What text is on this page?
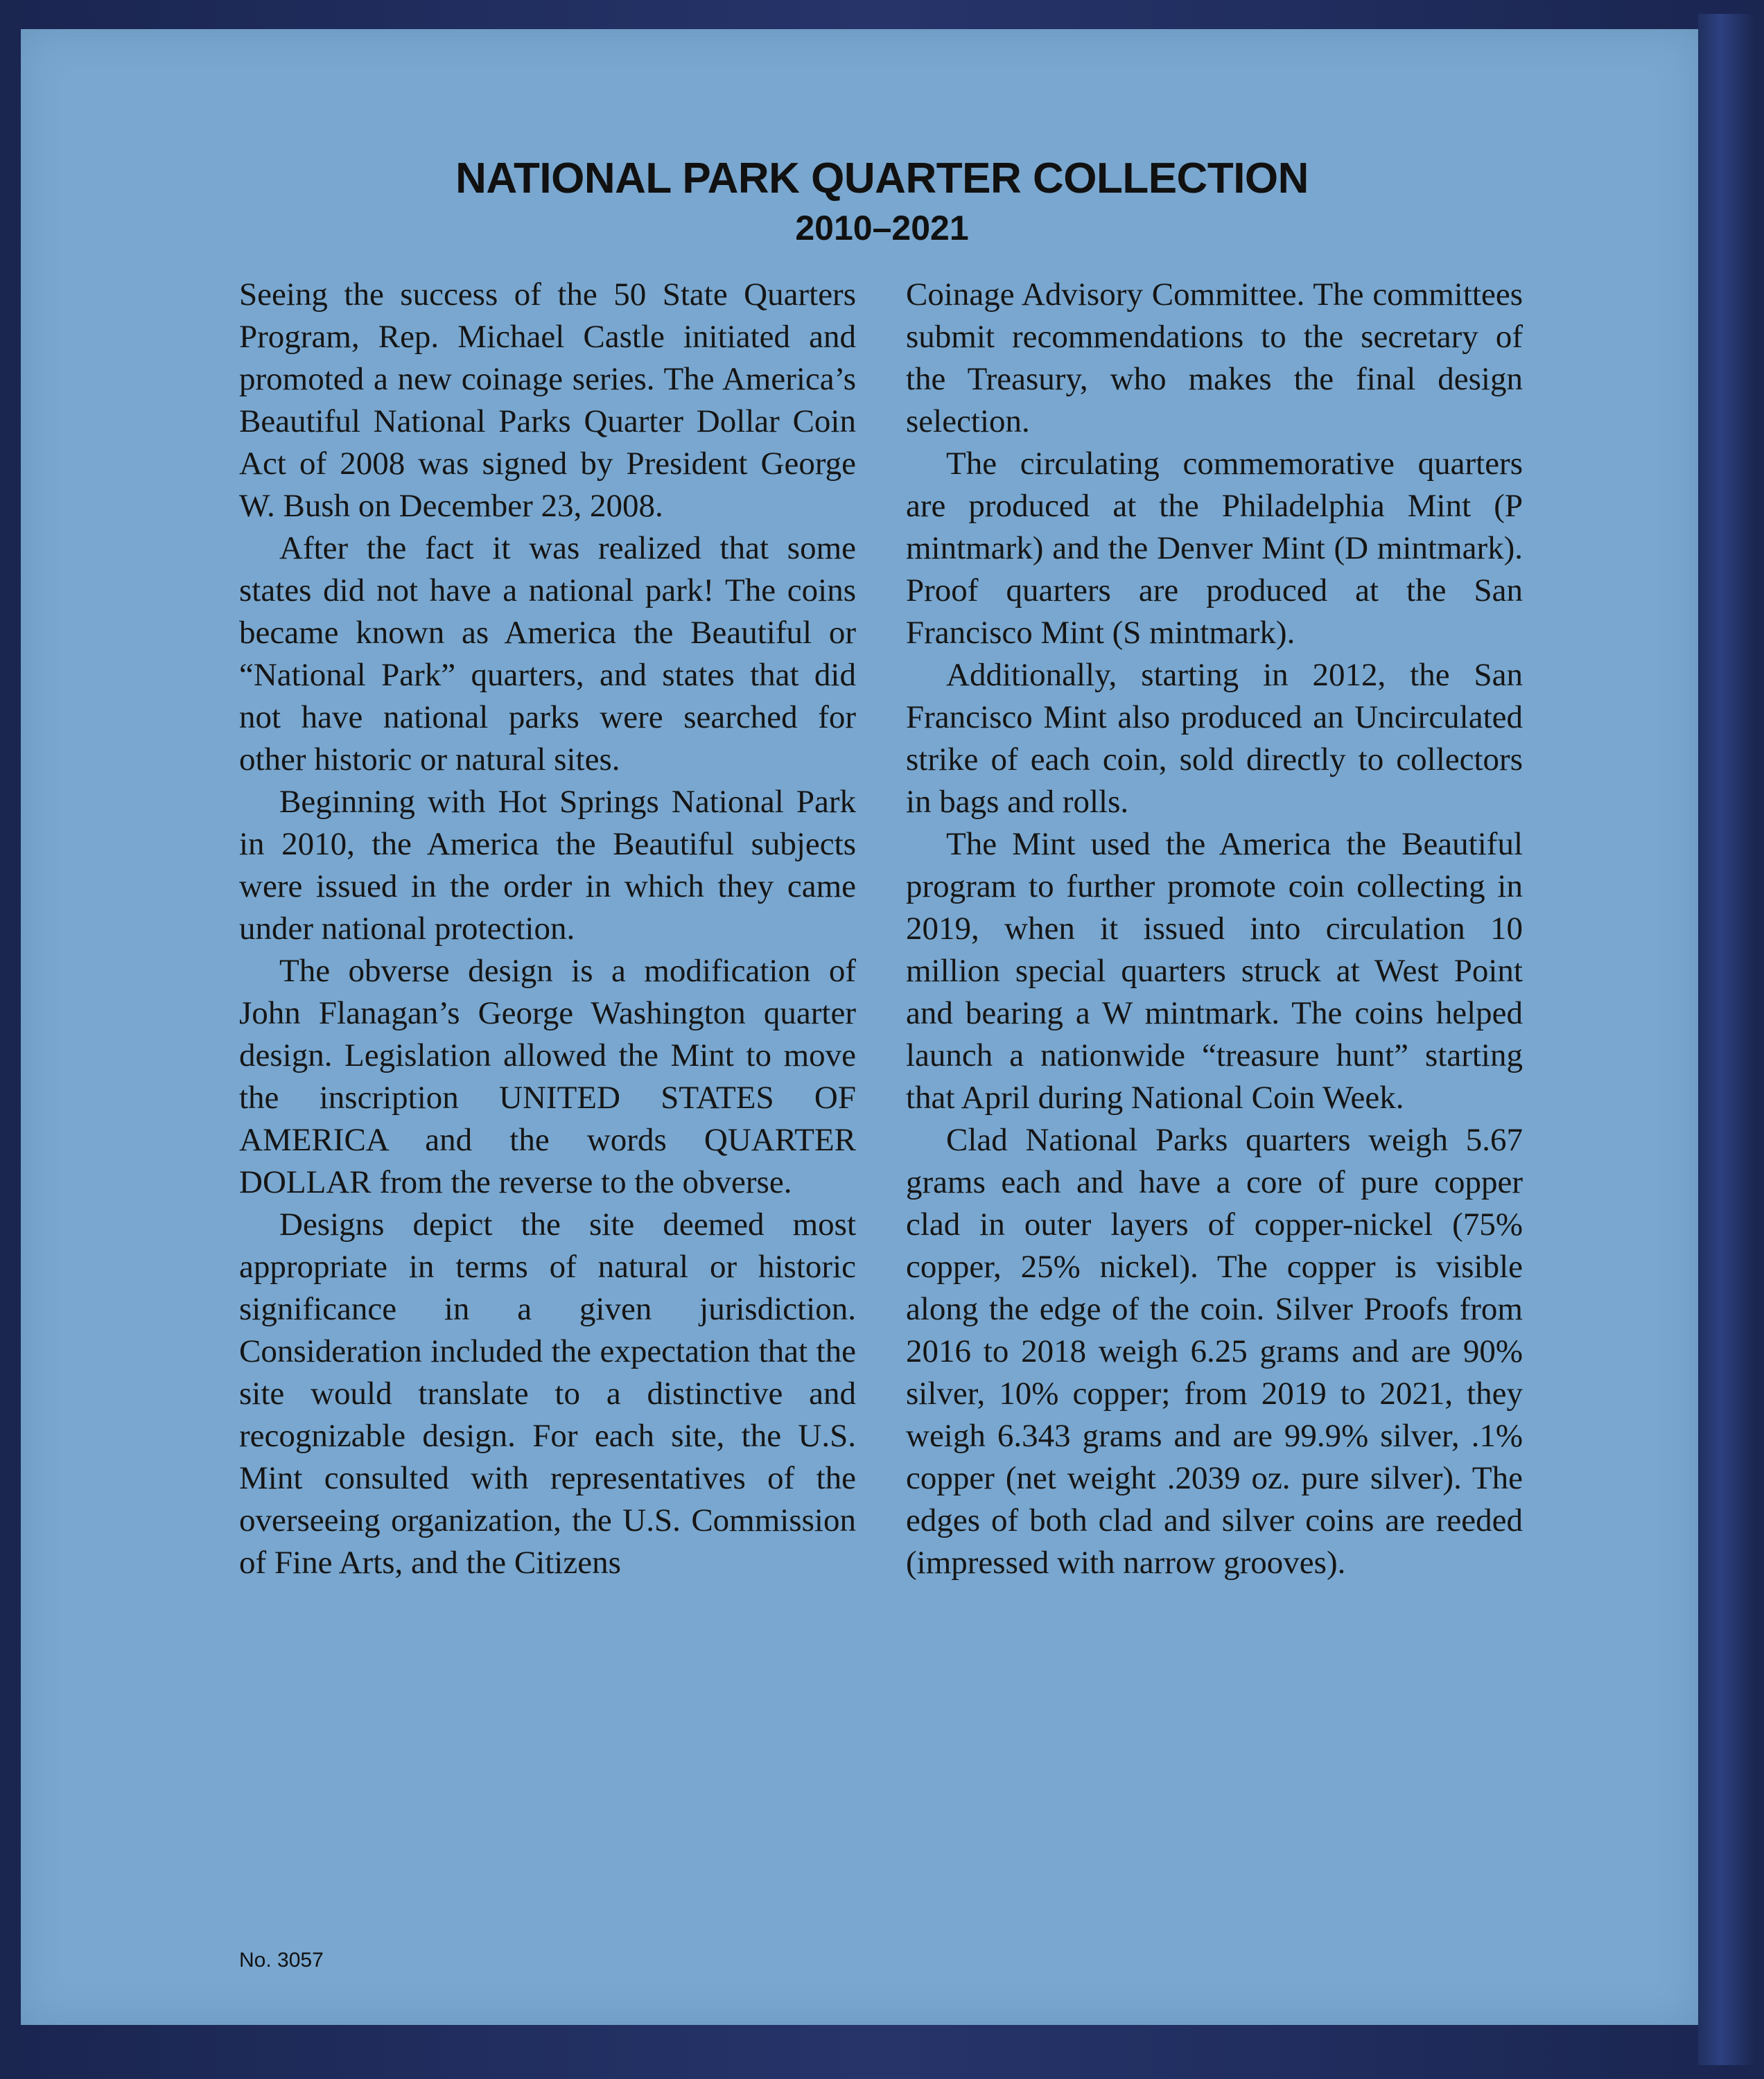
NATIONAL PARK QUARTER COLLECTION
2010–2021

Seeing the success of the 50 State Quarters Program, Rep. Michael Castle initiated and promoted a new coinage series. The America’s Beautiful National Parks Quarter Dollar Coin Act of 2008 was signed by President George W. Bush on December 23, 2008.

After the fact it was realized that some states did not have a national park! The coins became known as America the Beautiful or “National Park” quarters, and states that did not have national parks were searched for other historic or natural sites.

Beginning with Hot Springs National Park in 2010, the America the Beautiful subjects were issued in the order in which they came under national protection.

The obverse design is a modification of John Flanagan’s George Washington quarter design. Legislation allowed the Mint to move the inscription UNITED STATES OF AMERICA and the words QUARTER DOLLAR from the reverse to the obverse.

Designs depict the site deemed most appropriate in terms of natural or historic significance in a given jurisdiction. Consideration included the expectation that the site would translate to a distinctive and recognizable design. For each site, the U.S. Mint consulted with representatives of the overseeing organization, the U.S. Commission of Fine Arts, and the Citizens

Coinage Advisory Committee. The committees submit recommendations to the secretary of the Treasury, who makes the final design selection.

The circulating commemorative quarters are produced at the Philadelphia Mint (P mintmark) and the Denver Mint (D mintmark). Proof quarters are produced at the San Francisco Mint (S mintmark).

Additionally, starting in 2012, the San Francisco Mint also produced an Uncirculated strike of each coin, sold directly to collectors in bags and rolls.

The Mint used the America the Beautiful program to further promote coin collecting in 2019, when it issued into circulation 10 million special quarters struck at West Point and bearing a W mintmark. The coins helped launch a nationwide “treasure hunt” starting that April during National Coin Week.

Clad National Parks quarters weigh 5.67 grams each and have a core of pure copper clad in outer layers of copper-nickel (75% copper, 25% nickel). The copper is visible along the edge of the coin. Silver Proofs from 2016 to 2018 weigh 6.25 grams and are 90% silver, 10% copper; from 2019 to 2021, they weigh 6.343 grams and are 99.9% silver, .1% copper (net weight .2039 oz. pure silver). The edges of both clad and silver coins are reeded (impressed with narrow grooves).

No. 3057
